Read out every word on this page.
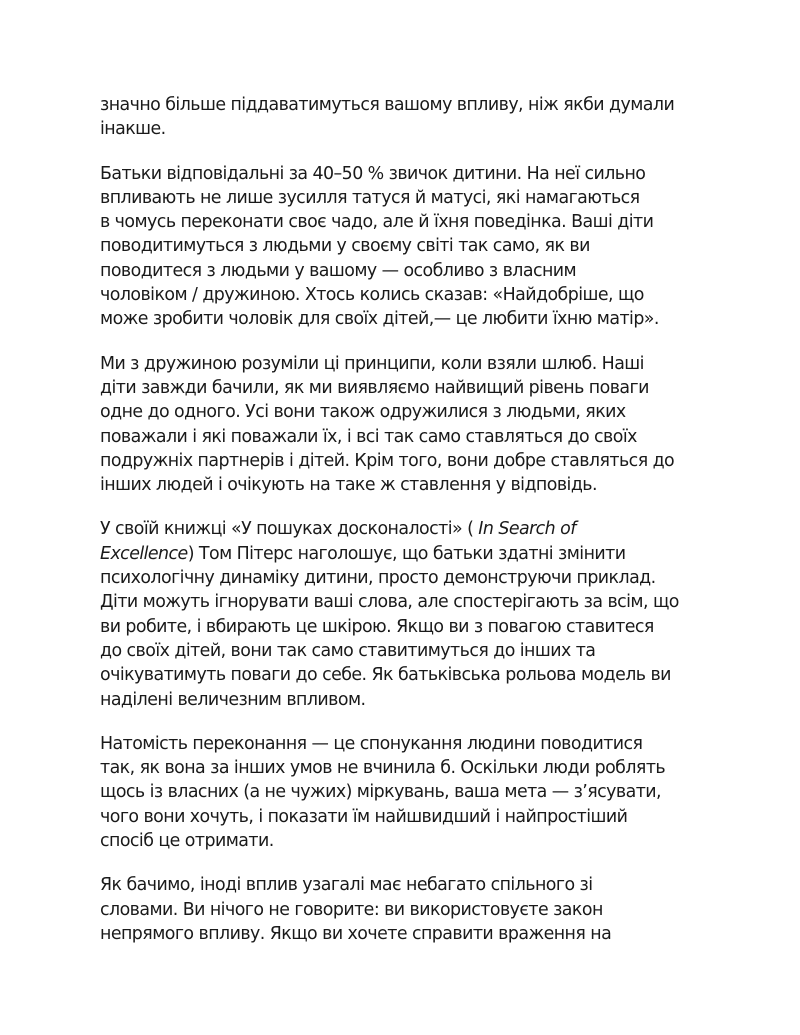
значно більше піддаватимуться вашому впливу, ніж якби думали
інакше.

Батьки відповідальні за 40–50 % звичок дитини. На неї сильно
впливають не лише зусилля татуся й матусі, які намагаються
в чомусь переконати своє чадо, але й їхня поведінка. Ваші діти
поводитимуться з людьми у своєму світі так само, як ви
поводитеся з людьми у вашому — особливо з власним
чоловіком / дружиною. Хтось колись сказав: «Найдобріше, що
може зробити чоловік для своїх дітей,— це любити їхню матір».

Ми з дружиною розуміли ці принципи, коли взяли шлюб. Наші
діти завжди бачили, як ми виявляємо найвищий рівень поваги
одне до одного. Усі вони також одружилися з людьми, яких
поважали і які поважали їх, і всі так само ставляться до своїх
подружніх партнерів і дітей. Крім того, вони добре ставляться до
інших людей і очікують на таке ж ставлення у відповідь.

У своїй книжці «У пошуках досконалості» ( In Search of
Excellence) Том Пітерс наголошує, що батьки здатні змінити
психологічну динаміку дитини, просто демонструючи приклад.
Діти можуть ігнорувати ваші слова, але спостерігають за всім, що
ви робите, і вбирають це шкірою. Якщо ви з повагою ставитеся
до своїх дітей, вони так само ставитимуться до інших та
очікуватимуть поваги до себе. Як батьківська рольова модель ви
наділені величезним впливом.

Натомість переконання — це спонукання людини поводитися
так, як вона за інших умов не вчинила б. Оскільки люди роблять
щось із власних (а не чужих) міркувань, ваша мета — з’ясувати,
чого вони хочуть, і показати їм найшвидший і найпростіший
спосіб це отримати.

Як бачимо, іноді вплив узагалі має небагато спільного зі
словами. Ви нічого не говорите: ви використовуєте закон
непрямого впливу. Якщо ви хочете справити враження на
